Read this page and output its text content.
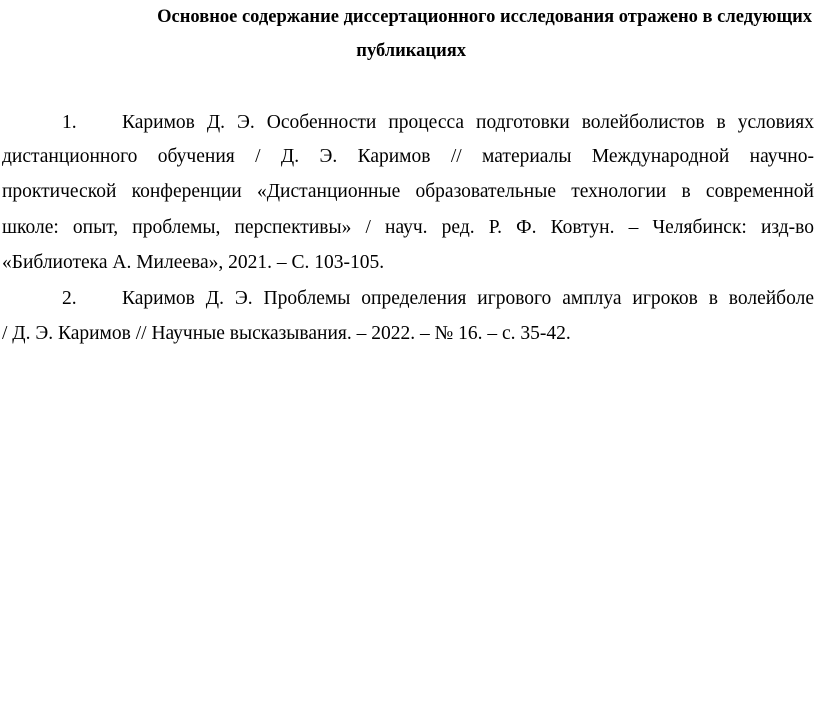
Основное содержание диссертационного исследования отражено в следующих
публикациях
1. Каримов Д. Э. Особенности процесса подготовки волейболистов в условиях
дистанционного обучения / Д. Э. Каримов // материалы Международной научно-
проктической конференции «Дистанционные образовательные технологии в современной
школе: опыт, проблемы, перспективы» / науч. ред. Р. Ф. Ковтун. – Челябинск: изд-во
«Библиотека А. Милеева», 2021. – С. 103-105.
2. Каримов Д. Э. Проблемы определения игрового амплуа игроков в волейболе
/ Д. Э. Каримов // Научные высказывания. – 2022. – № 16. – с. 35-42.
